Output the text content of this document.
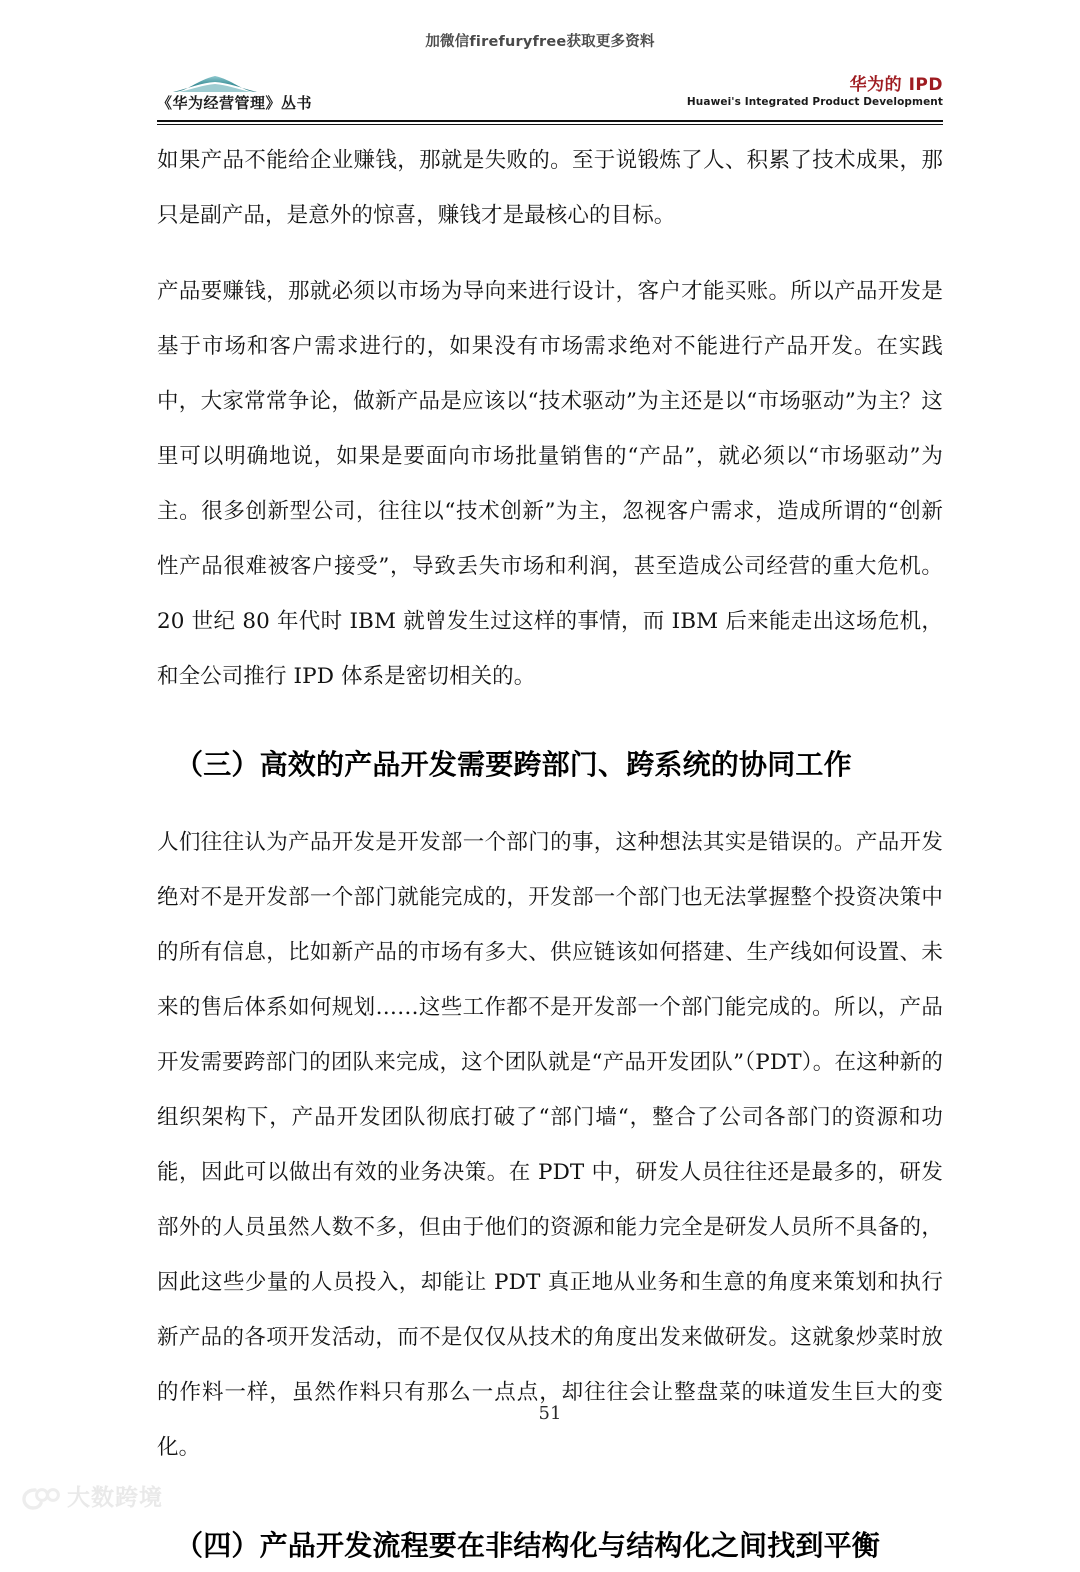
加微信firefuryfree获取更多资料
《华为经营管理》丛书
华为的 IPD
Huawei's Integrated Product Development

如果产品不能给企业赚钱，那就是失败的。至于说锻炼了人、积累了技术成果，那只是副产品，是意外的惊喜，赚钱才是最核心的目标。

产品要赚钱，那就必须以市场为导向来进行设计，客户才能买账。所以产品开发是基于市场和客户需求进行的，如果没有市场需求绝对不能进行产品开发。在实践中，大家常常争论，做新产品是应该以“技术驱动”为主还是以“市场驱动”为主？这里可以明确地说，如果是要面向市场批量销售的“产品”，就必须以“市场驱动”为主。很多创新型公司，往往以“技术创新”为主，忽视客户需求，造成所谓的“创新性产品很难被客户接受”，导致丢失市场和利润，甚至造成公司经营的重大危机。20 世纪 80 年代时 IBM 就曾发生过这样的事情，而 IBM 后来能走出这场危机，和全公司推行 IPD 体系是密切相关的。

（三）高效的产品开发需要跨部门、跨系统的协同工作

人们往往认为产品开发是开发部一个部门的事，这种想法其实是错误的。产品开发绝对不是开发部一个部门就能完成的，开发部一个部门也无法掌握整个投资决策中的所有信息，比如新产品的市场有多大、供应链该如何搭建、生产线如何设置、未来的售后体系如何规划……这些工作都不是开发部一个部门能完成的。所以，产品开发需要跨部门的团队来完成，这个团队就是“产品开发团队”（PDT）。在这种新的组织架构下，产品开发团队彻底打破了“部门墙“，整合了公司各部门的资源和功能，因此可以做出有效的业务决策。在 PDT 中，研发人员往往还是最多的，研发部外的人员虽然人数不多，但由于他们的资源和能力完全是研发人员所不具备的，因此这些少量的人员投入，却能让 PDT 真正地从业务和生意的角度来策划和执行新产品的各项开发活动，而不是仅仅从技术的角度出发来做研发。这就象炒菜时放的作料一样，虽然作料只有那么一点点，却往往会让整盘菜的味道发生巨大的变化。

（四）产品开发流程要在非结构化与结构化之间找到平衡
51
大数跨境
